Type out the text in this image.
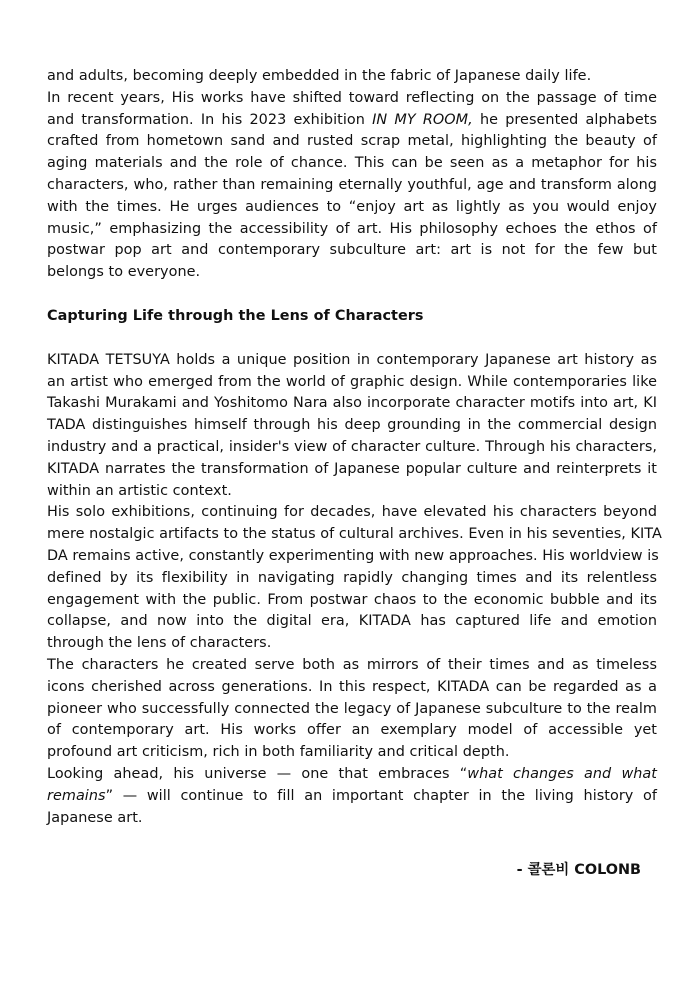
and adults, becoming deeply embedded in the fabric of Japanese daily life.

In recent years, His works have shifted toward reflecting on the passage of time
and transformation. In his 2023 exhibition IN MY ROOM, he presented alphabets
crafted from hometown sand and rusted scrap metal, highlighting the beauty of
aging materials and the role of chance. This can be seen as a metaphor for his
characters, who, rather than remaining eternally youthful, age and transform along
with the times. He urges audiences to “enjoy art as lightly as you would enjoy
music,” emphasizing the accessibility of art. His philosophy echoes the ethos of
postwar pop art and contemporary subculture art: art is not for the few but
belongs to everyone.

Capturing Life through the Lens of Characters

KITADA TETSUYA holds a unique position in contemporary Japanese art history as
an artist who emerged from the world of graphic design. While contemporaries like
Takashi Murakami and Yoshitomo Nara also incorporate character motifs into art, KI
TADA distinguishes himself through his deep grounding in the commercial design
industry and a practical, insider's view of character culture. Through his characters,
KITADA narrates the transformation of Japanese popular culture and reinterprets it
within an artistic context.

His solo exhibitions, continuing for decades, have elevated his characters beyond
mere nostalgic artifacts to the status of cultural archives. Even in his seventies, KITA
DA remains active, constantly experimenting with new approaches. His worldview is
defined by its flexibility in navigating rapidly changing times and its relentless
engagement with the public. From postwar chaos to the economic bubble and its
collapse, and now into the digital era, KITADA has captured life and emotion
through the lens of characters.

The characters he created serve both as mirrors of their times and as timeless
icons cherished across generations. In this respect, KITADA can be regarded as a
pioneer who successfully connected the legacy of Japanese subculture to the realm
of contemporary art. His works offer an exemplary model of accessible yet
profound art criticism, rich in both familiarity and critical depth.

Looking ahead, his universe — one that embraces “what changes and what
remains” — will continue to fill an important chapter in the living history of
Japanese art.

- 콜론비 COLONB
